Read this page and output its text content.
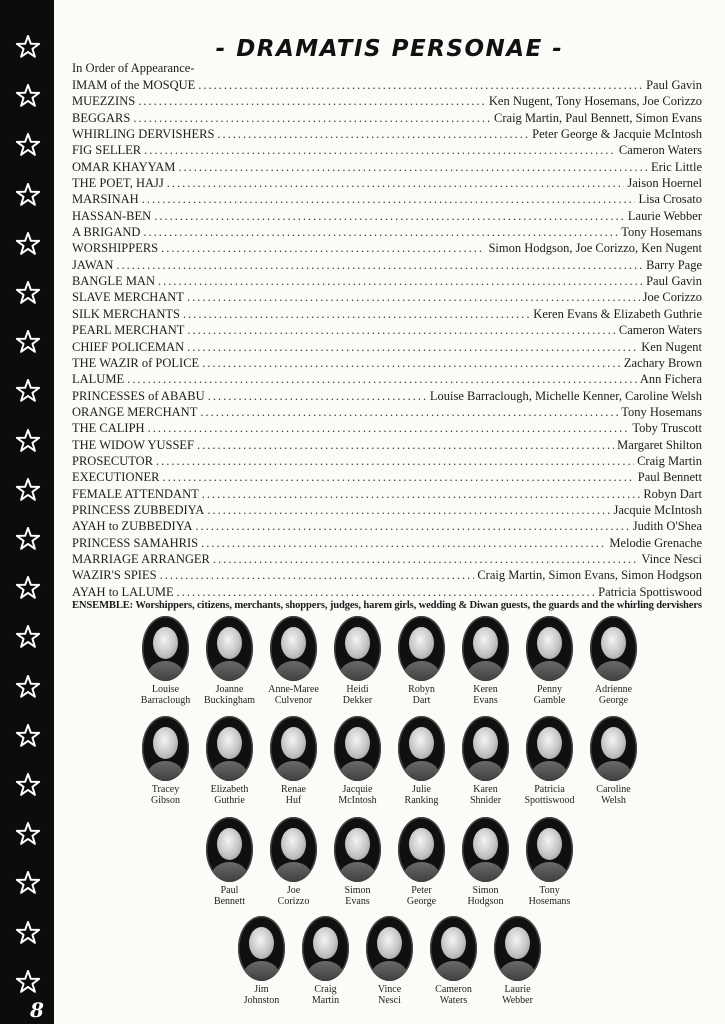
8
- DRAMATIS PERSONAE -
In Order of Appearance-
IMAM of the MOSQUE .....	Paul Gavin
MUEZZINS .....	Ken Nugent, Tony Hosemans, Joe Corizzo
BEGGARS .....	Craig Martin, Paul Bennett, Simon Evans
WHIRLING DERVISHERS .....	Peter George & Jacquie McIntosh
FIG SELLER .....	Cameron Waters
OMAR KHAYYAM .....	Eric Little
THE POET, HAJJ .....	Jaison Hoernel
MARSINAH .....	Lisa Crosato
HASSAN-BEN .....	Laurie Webber
A BRIGAND .....	Tony Hosemans
WORSHIPPERS .....	Simon Hodgson, Joe Corizzo, Ken Nugent
JAWAN .....	Barry Page
BANGLE MAN .....	Paul Gavin
SLAVE MERCHANT .....	Joe Corizzo
SILK MERCHANTS .....	Keren Evans & Elizabeth Guthrie
PEARL MERCHANT .....	Cameron Waters
CHIEF POLICEMAN .....	Ken Nugent
THE WAZIR of POLICE .....	Zachary Brown
LALUME .....	Ann Fichera
PRINCESSES of ABABU .....	Louise Barraclough, Michelle Kenner, Caroline Welsh
ORANGE MERCHANT .....	Tony Hosemans
THE CALIPH .....	Toby Truscott
THE WIDOW YUSSEF .....	Margaret Shilton
PROSECUTOR .....	Craig Martin
EXECUTIONER .....	Paul Bennett
FEMALE ATTENDANT .....	Robyn Dart
PRINCESS ZUBBEDIYA .....	Jacquie McIntosh
AYAH to ZUBBEDIYA .....	Judith O'Shea
PRINCESS SAMAHRIS .....	Melodie Grenache
MARRIAGE ARRANGER .....	Vince Nesci
WAZIR'S SPIES .....	Craig Martin, Simon Evans, Simon Hodgson
AYAH to LALUME .....	Patricia Spottiswood
ENSEMBLE: Worshippers, citizens, merchants, shoppers, judges, harem girls, wedding & Diwan guests, the guards and the whirling dervishers
Louise
Barraclough
Joanne
Buckingham
Anne-Maree
Culvenor
Heidi
Dekker
Robyn
Dart
Keren
Evans
Penny
Gamble
Adrienne
George
Tracey
Gibson
Elizabeth
Guthrie
Renae
Huf
Jacquie
McIntosh
Julie
Ranking
Karen
Shnider
Patricia
Spottiswood
Caroline
Welsh
Paul
Bennett
Joe
Corizzo
Simon
Evans
Peter
George
Simon
Hodgson
Tony
Hosemans
Jim
Johnston
Craig
Martin
Vince
Nesci
Cameron
Waters
Laurie
Webber
